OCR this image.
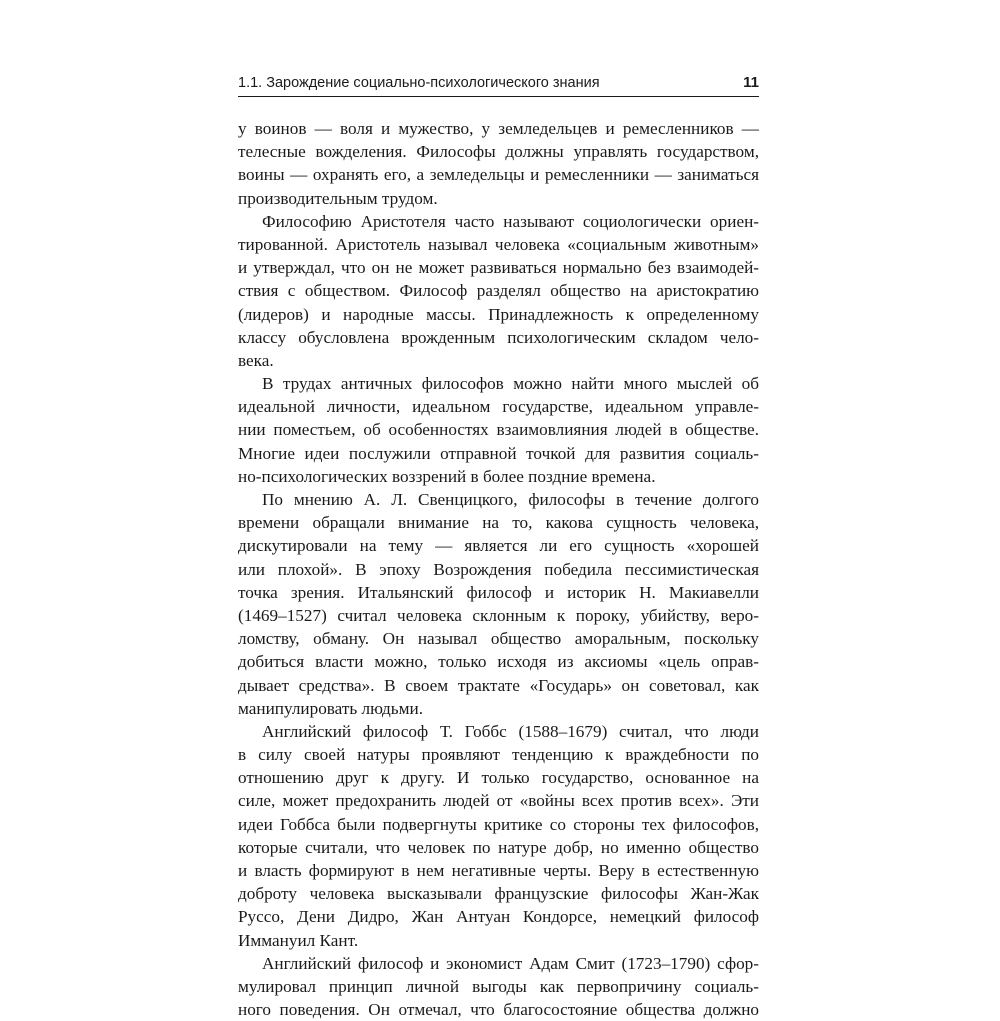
1.1. Зарождение социально-психологического знания	11
у воинов — воля и мужество, у земледельцев и ремесленников —
телесные вожделения. Философы должны управлять государством,
воины — охранять его, а земледельцы и ремесленники — заниматься
производительным трудом.
Философию Аристотеля часто называют социологически ориен-
тированной. Аристотель называл человека «социальным животным»
и утверждал, что он не может развиваться нормально без взаимодей-
ствия с обществом. Философ разделял общество на аристократию
(лидеров) и народные массы. Принадлежность к определенному
классу обусловлена врожденным психологическим складом чело-
века.
В трудах античных философов можно найти много мыслей об
идеальной личности, идеальном государстве, идеальном управле-
нии поместьем, об особенностях взаимовлияния людей в обществе.
Многие идеи послужили отправной точкой для развития социаль-
но-психологических воззрений в более поздние времена.
По мнению А. Л. Свенцицкого, философы в течение долгого
времени обращали внимание на то, какова сущность человека,
дискутировали на тему — является ли его сущность «хорошей
или плохой». В эпоху Возрождения победила пессимистическая
точка зрения. Итальянский философ и историк Н. Макиавелли
(1469–1527) считал человека склонным к пороку, убийству, веро-
ломству, обману. Он называл общество аморальным, поскольку
добиться власти можно, только исходя из аксиомы «цель оправ-
дывает средства». В своем трактате «Государь» он советовал, как
манипулировать людьми.
Английский философ Т. Гоббс (1588–1679) считал, что люди
в силу своей натуры проявляют тенденцию к враждебности по
отношению друг к другу. И только государство, основанное на
силе, может предохранить людей от «войны всех против всех». Эти
идеи Гоббса были подвергнуты критике со стороны тех философов,
которые считали, что человек по натуре добр, но именно общество
и власть формируют в нем негативные черты. Веру в естественную
доброту человека высказывали французские философы Жан-Жак
Руссо, Дени Дидро, Жан Антуан Кондорсе, немецкий философ
Иммануил Кант.
Английский философ и экономист Адам Смит (1723–1790) сфор-
мулировал принцип личной выгоды как первопричину социаль-
ного поведения. Он отмечал, что благосостояние общества должно
